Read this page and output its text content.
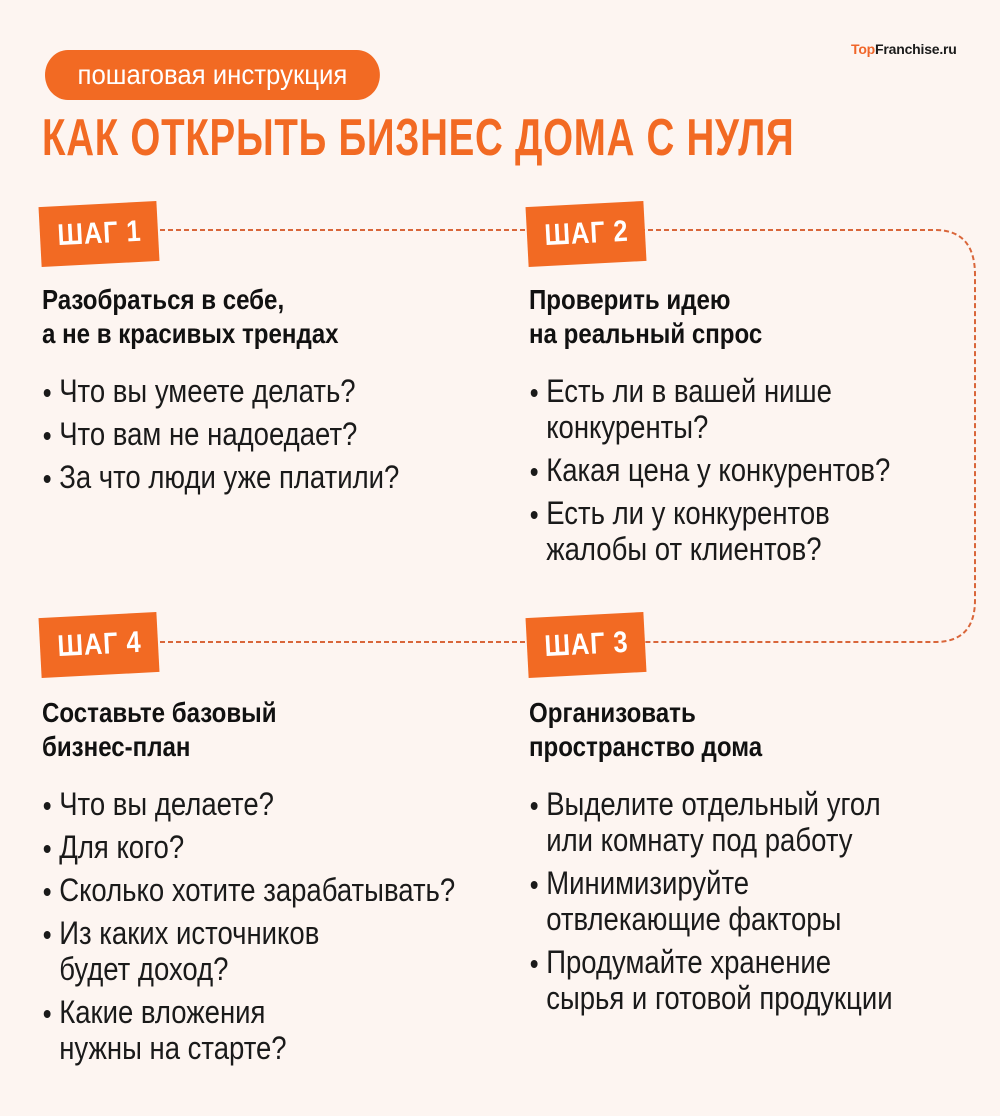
TopFranchise.ru
пошаговая инструкция
КАК ОТКРЫТЬ БИЗНЕС ДОМА С НУЛЯ
ШАГ 1
Разобраться в себе,
а не в красивых трендах
Что вы умеете делать?
Что вам не надоедает?
За что люди уже платили?
ШАГ 2
Проверить идею
на реальный спрос
Есть ли в вашей нише
конкуренты?
Какая цена у конкурентов?
Есть ли у конкурентов
жалобы от клиентов?
ШАГ 4
Составьте базовый
бизнес-план
Что вы делаете?
Для кого?
Сколько хотите зарабатывать?
Из каких источников
будет доход?
Какие вложения
нужны на старте?
ШАГ 3
Организовать
пространство дома
Выделите отдельный угол
или комнату под работу
Минимизируйте
отвлекающие факторы
Продумайте хранение
сырья и готовой продукции
